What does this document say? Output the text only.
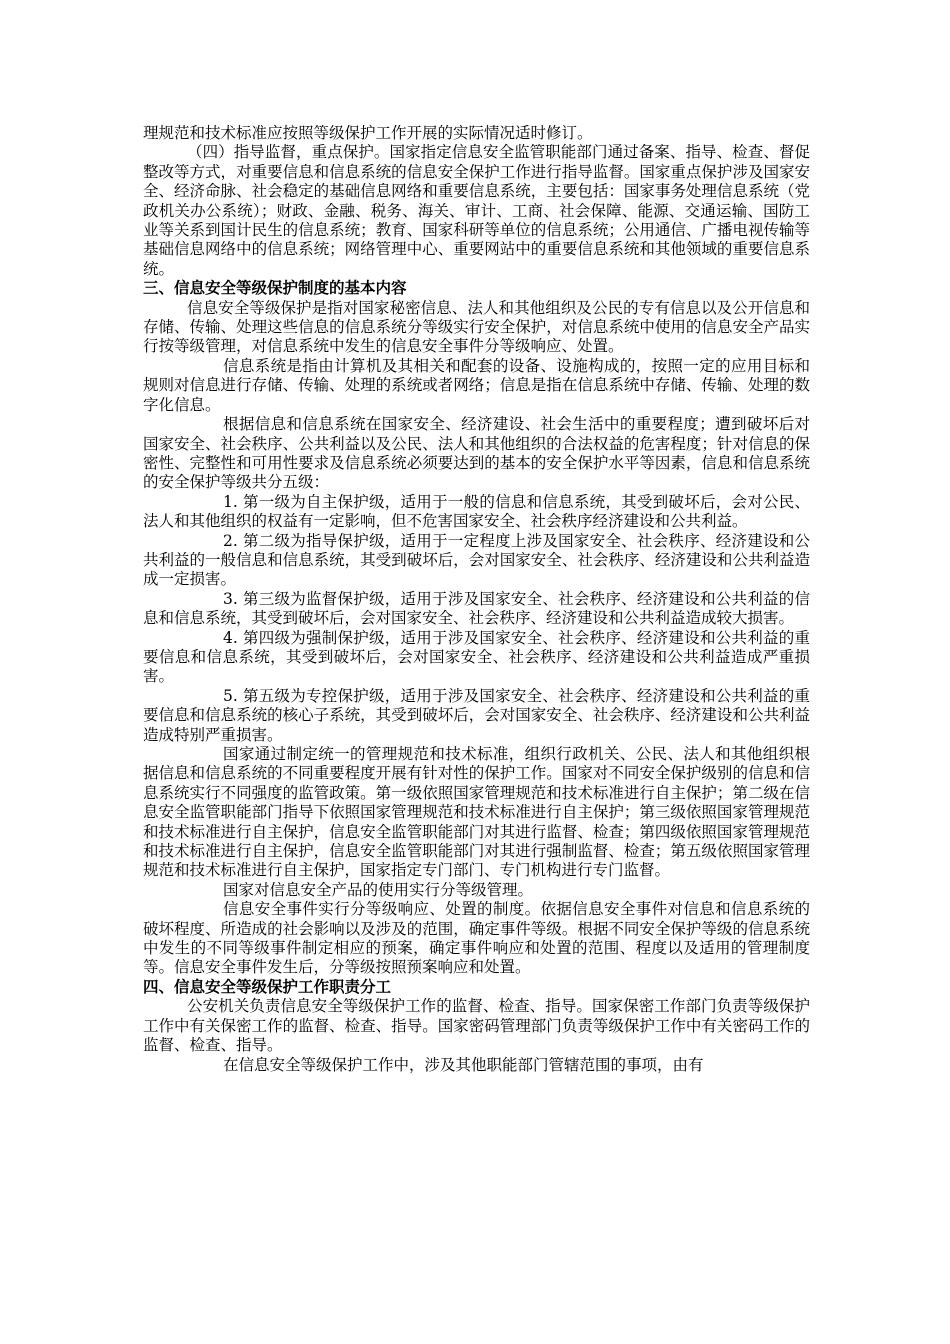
理规范和技术标准应按照等级保护工作开展的实际情况适时修订。

（四）指导监督，重点保护。国家指定信息安全监管职能部门通过备案、指导、检查、督促整改等方式，对重要信息和信息系统的信息安全保护工作进行指导监督。国家重点保护涉及国家安全、经济命脉、社会稳定的基础信息网络和重要信息系统，主要包括：国家事务处理信息系统（党政机关办公系统）；财政、金融、税务、海关、审计、工商、社会保障、能源、交通运输、国防工业等关系到国计民生的信息系统；教育、国家科研等单位的信息系统；公用通信、广播电视传输等基础信息网络中的信息系统；网络管理中心、重要网站中的重要信息系统和其他领域的重要信息系统。

三、信息安全等级保护制度的基本内容

信息安全等级保护是指对国家秘密信息、法人和其他组织及公民的专有信息以及公开信息和存储、传输、处理这些信息的信息系统分等级实行安全保护，对信息系统中使用的信息安全产品实行按等级管理，对信息系统中发生的信息安全事件分等级响应、处置。

信息系统是指由计算机及其相关和配套的设备、设施构成的，按照一定的应用目标和规则对信息进行存储、传输、处理的系统或者网络；信息是指在信息系统中存储、传输、处理的数字化信息。

根据信息和信息系统在国家安全、经济建设、社会生活中的重要程度；遭到破坏后对国家安全、社会秩序、公共利益以及公民、法人和其他组织的合法权益的危害程度；针对信息的保密性、完整性和可用性要求及信息系统必须要达到的基本的安全保护水平等因素，信息和信息系统的安全保护等级共分五级：

1. 第一级为自主保护级，适用于一般的信息和信息系统，其受到破坏后，会对公民、法人和其他组织的权益有一定影响，但不危害国家安全、社会秩序经济建设和公共利益。

2. 第二级为指导保护级，适用于一定程度上涉及国家安全、社会秩序、经济建设和公共利益的一般信息和信息系统，其受到破坏后，会对国家安全、社会秩序、经济建设和公共利益造成一定损害。

3. 第三级为监督保护级，适用于涉及国家安全、社会秩序、经济建设和公共利益的信息和信息系统，其受到破坏后，会对国家安全、社会秩序、经济建设和公共利益造成较大损害。

4. 第四级为强制保护级，适用于涉及国家安全、社会秩序、经济建设和公共利益的重要信息和信息系统，其受到破坏后，会对国家安全、社会秩序、经济建设和公共利益造成严重损害。

5. 第五级为专控保护级，适用于涉及国家安全、社会秩序、经济建设和公共利益的重要信息和信息系统的核心子系统，其受到破坏后，会对国家安全、社会秩序、经济建设和公共利益造成特别严重损害。

国家通过制定统一的管理规范和技术标准，组织行政机关、公民、法人和其他组织根据信息和信息系统的不同重要程度开展有针对性的保护工作。国家对不同安全保护级别的信息和信息系统实行不同强度的监管政策。第一级依照国家管理规范和技术标准进行自主保护；第二级在信息安全监管职能部门指导下依照国家管理规范和技术标准进行自主保护；第三级依照国家管理规范和技术标准进行自主保护，信息安全监管职能部门对其进行监督、检查；第四级依照国家管理规范和技术标准进行自主保护，信息安全监管职能部门对其进行强制监督、检查；第五级依照国家管理规范和技术标准进行自主保护，国家指定专门部门、专门机构进行专门监督。

国家对信息安全产品的使用实行分等级管理。

信息安全事件实行分等级响应、处置的制度。依据信息安全事件对信息和信息系统的破坏程度、所造成的社会影响以及涉及的范围，确定事件等级。根据不同安全保护等级的信息系统中发生的不同等级事件制定相应的预案，确定事件响应和处置的范围、程度以及适用的管理制度等。信息安全事件发生后，分等级按照预案响应和处置。

四、信息安全等级保护工作职责分工

公安机关负责信息安全等级保护工作的监督、检查、指导。国家保密工作部门负责等级保护工作中有关保密工作的监督、检查、指导。国家密码管理部门负责等级保护工作中有关密码工作的监督、检查、指导。

在信息安全等级保护工作中，涉及其他职能部门管辖范围的事项，由有
